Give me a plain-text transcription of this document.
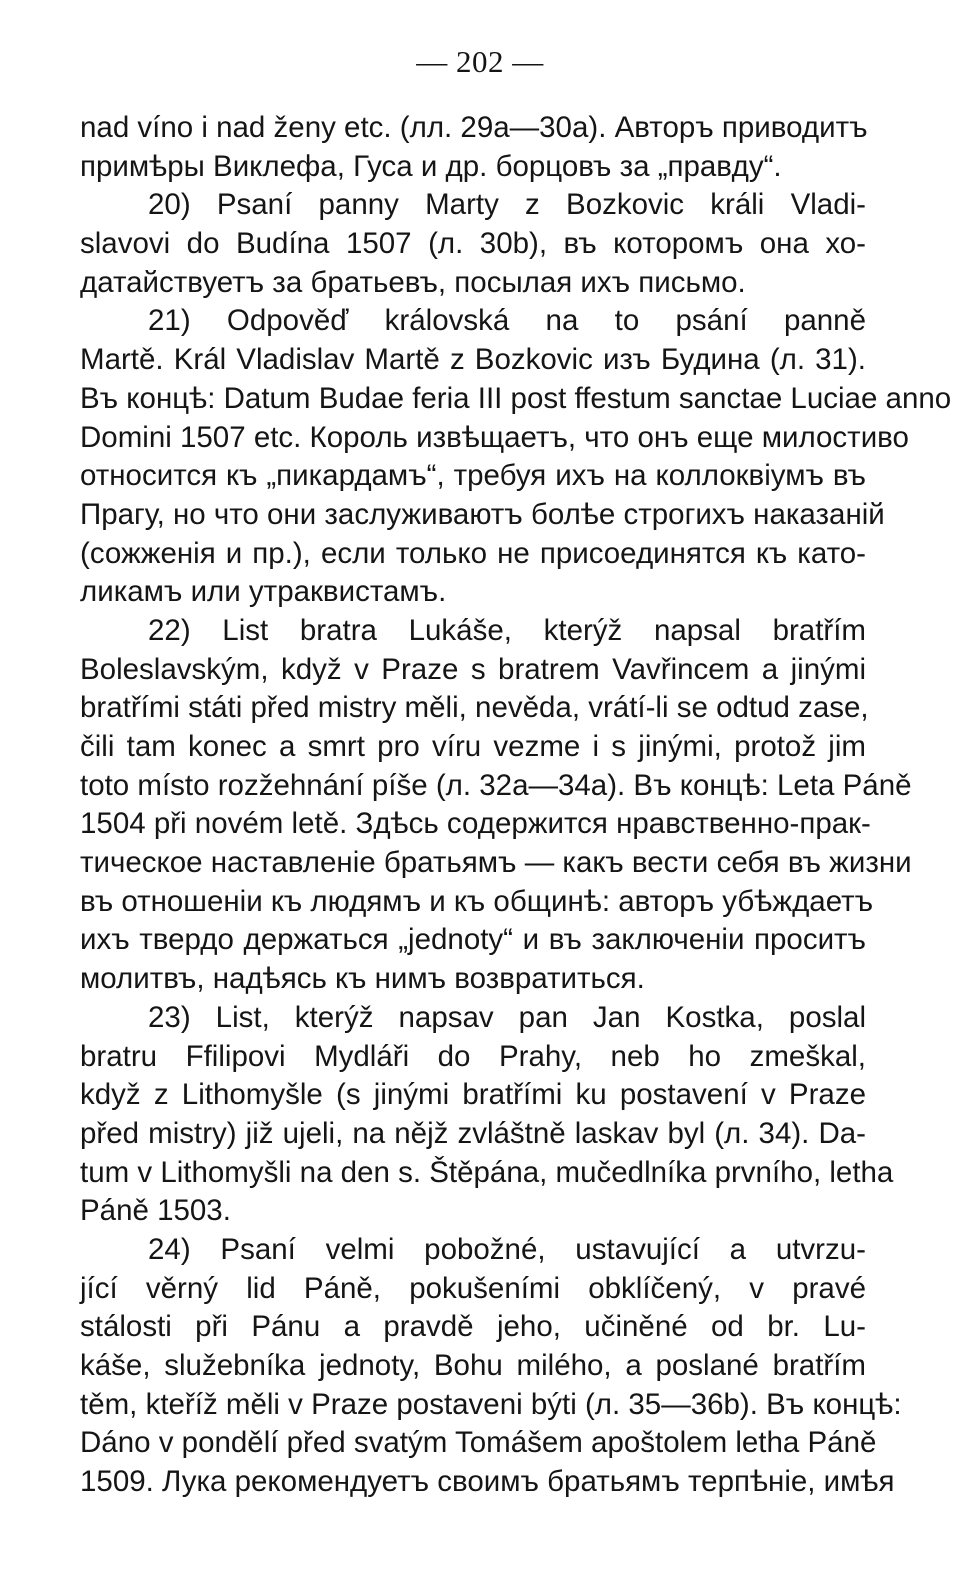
— 202 —
nad víno i nad ženy etc. (лл. 29a—30a). Авторъ приводитъ
примѣры Виклефа, Гуса и др. борцовъ за „правду“.
20) Psaní panny Marty z Bozkovic králi Vladi-
slavovi do Budína 1507 (л. 30b), въ которомъ она хо-
датайствуетъ за братьевъ, посылая ихъ письмо.
21) Odpověď královská na to psání panně
Martě. Král Vladislav Martě z Bozkovic изъ Будина (л. 31).
Въ концѣ: Datum Budae feria III post ffestum sanctae Luciae anno
Domini 1507 etc. Король извѣщаетъ, что онъ еще милостиво
относится къ „пикардамъ“, требуя ихъ на коллоквіумъ въ
Прагу, но что они заслуживаютъ болѣе строгихъ наказаній
(сожженія и пр.), если только не присоединятся къ като-
ликамъ или утраквистамъ.
22) List bratra Lukáše, kterýž napsal bratřím
Boleslavským, když v Praze s bratrem Vavřincem a jinými
bratřími státi před mistry měli, nevěda, vrátí-li se odtud zase,
čili tam konec a smrt pro víru vezme i s jinými, protož jim
toto místo rozžehnání píše (л. 32a—34a). Въ концѣ: Leta Páně
1504 při novém letě. Здѣсь содержится нравственно-прак-
тическое наставленіе братьямъ — какъ вести себя въ жизни
въ отношеніи къ людямъ и къ общинѣ: авторъ убѣждаетъ
ихъ твердо держаться „jednoty“ и въ заключеніи проситъ
молитвъ, надѣясь къ нимъ возвратиться.
23) List, kterýž napsav pan Jan Kostka, poslal
bratru Ffilipovi Mydláři do Prahy, neb ho zmeškal,
když z Lithomyšle (s jinými bratřími ku postavení v Praze
před mistry) již ujeli, na nějž zvláštně laskav byl (л. 34). Da-
tum v Lithomyšli na den s. Štěpána, mučedlníka prvního, letha
Páně 1503.
24) Psaní velmi pobožné, ustavující a utvrzu-
jící věrný lid Páně, pokušeními obklíčený, v pravé
stálosti při Pánu a pravdě jeho, učiněné od br. Lu-
káše, služebníka jednoty, Bohu milého, a poslané bratřím
těm, kteříž měli v Praze postaveni býti (л. 35—36b). Въ концѣ:
Dáno v pondělí před svatým Tomášem apoštolem letha Páně
1509. Лука рекомендуетъ своимъ братьямъ терпѣніе, имѣя
